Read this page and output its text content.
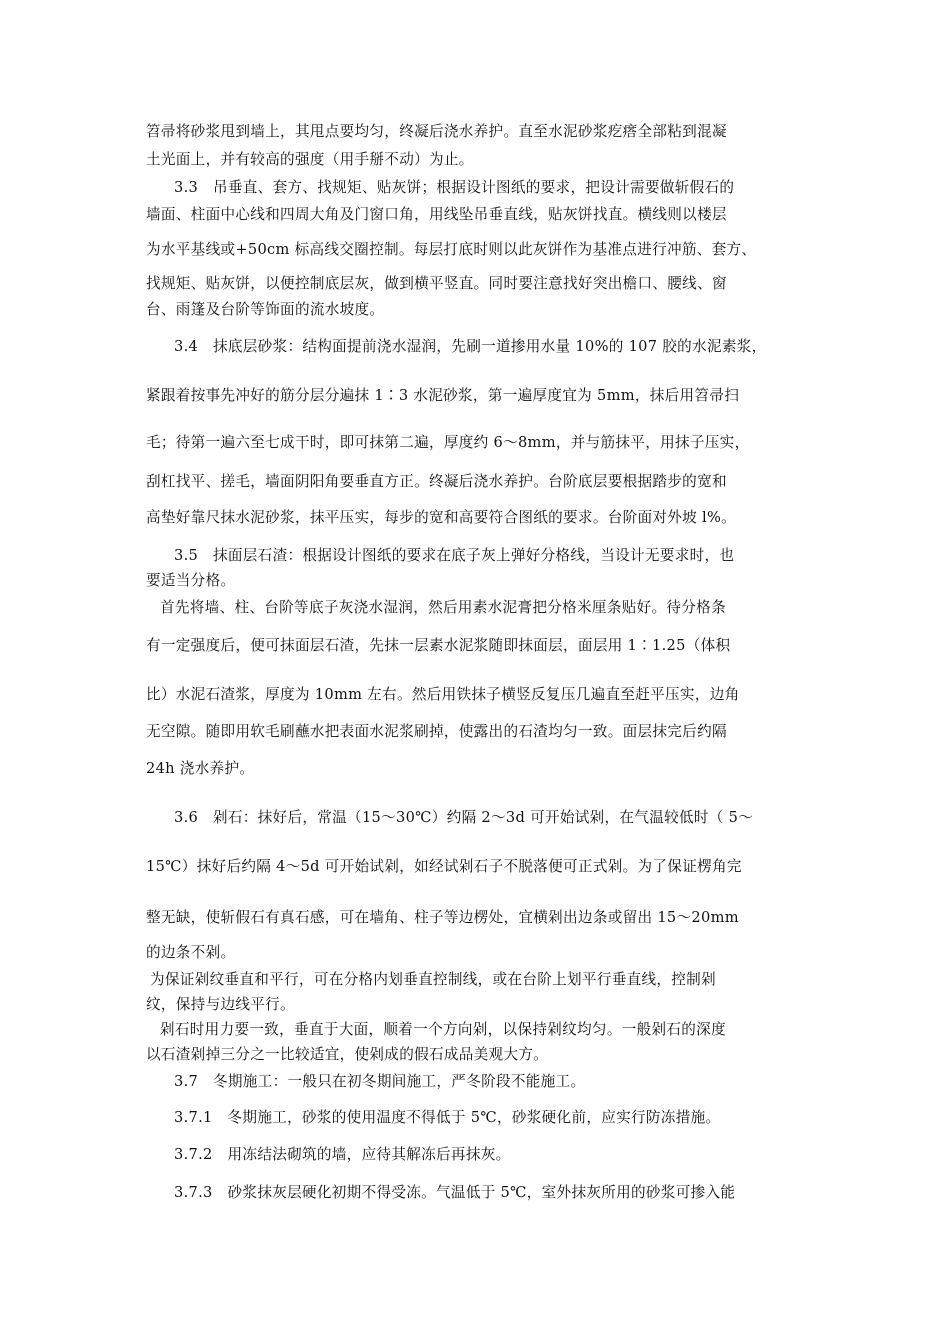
笤帚将砂浆甩到墙上，其甩点要均匀，终凝后浇水养护。直至水泥砂浆疙瘩全部粘到混凝
土光面上，并有较高的强度（用手掰不动）为止。
3.3　吊垂直、套方、找规矩、贴灰饼；根据设计图纸的要求，把设计需要做斩假石的
墙面、柱面中心线和四周大角及门窗口角，用线坠吊垂直线，贴灰饼找直。横线则以楼层
为水平基线或+50cm 标高线交圈控制。每层打底时则以此灰饼作为基准点进行冲筋、套方、
找规矩、贴灰饼，以便控制底层灰，做到横平竖直。同时要注意找好突出檐口、腰线、窗
台、雨篷及台阶等饰面的流水坡度。
3.4　抹底层砂浆：结构面提前浇水湿润，先刷一道掺用水量 10%的 107 胶的水泥素浆，
紧跟着按事先冲好的筋分层分遍抹 1∶3 水泥砂浆，第一遍厚度宜为 5mm，抹后用笤帚扫
毛；待第一遍六至七成干时，即可抹第二遍，厚度约 6～8mm，并与筋抹平，用抹子压实，
刮杠找平、搓毛，墙面阴阳角要垂直方正。终凝后浇水养护。台阶底层要根据踏步的宽和
高垫好靠尺抹水泥砂浆，抹平压实，每步的宽和高要符合图纸的要求。台阶面对外坡 l%。
3.5　抹面层石渣：根据设计图纸的要求在底子灰上弹好分格线，当设计无要求时，也
要适当分格。
首先将墙、柱、台阶等底子灰浇水湿润，然后用素水泥膏把分格米厘条贴好。待分格条
有一定强度后，便可抹面层石渣，先抹一层素水泥浆随即抹面层，面层用 1∶1.25（体积
比）水泥石渣浆，厚度为 10mm 左右。然后用铁抹子横竖反复压几遍直至赶平压实，边角
无空隙。随即用软毛刷蘸水把表面水泥浆刷掉，使露出的石渣均匀一致。面层抹完后约隔
24h 浇水养护。
3.6　剁石：抹好后，常温（15～30℃）约隔 2～3d 可开始试剁，在气温较低时（ 5～
15℃）抹好后约隔 4～5d 可开始试剁，如经试剁石子不脱落便可正式剁。为了保证楞角完
整无缺，使斩假石有真石感，可在墙角、柱子等边楞处，宜横剁出边条或留出 15～20mm
的边条不剁。
为保证剁纹垂直和平行，可在分格内划垂直控制线，或在台阶上划平行垂直线，控制剁
纹，保持与边线平行。
剁石时用力要一致，垂直于大面，顺着一个方向剁，以保持剁纹均匀。一般剁石的深度
以石渣剁掉三分之一比较适宜，使剁成的假石成品美观大方。
3.7　冬期施工：一般只在初冬期间施工，严冬阶段不能施工。
3.7.1　冬期施工，砂浆的使用温度不得低于 5℃，砂浆硬化前，应实行防冻措施。
3.7.2　用冻结法砌筑的墙，应待其解冻后再抹灰。
3.7.3　砂浆抹灰层硬化初期不得受冻。气温低于 5℃，室外抹灰所用的砂浆可掺入能
